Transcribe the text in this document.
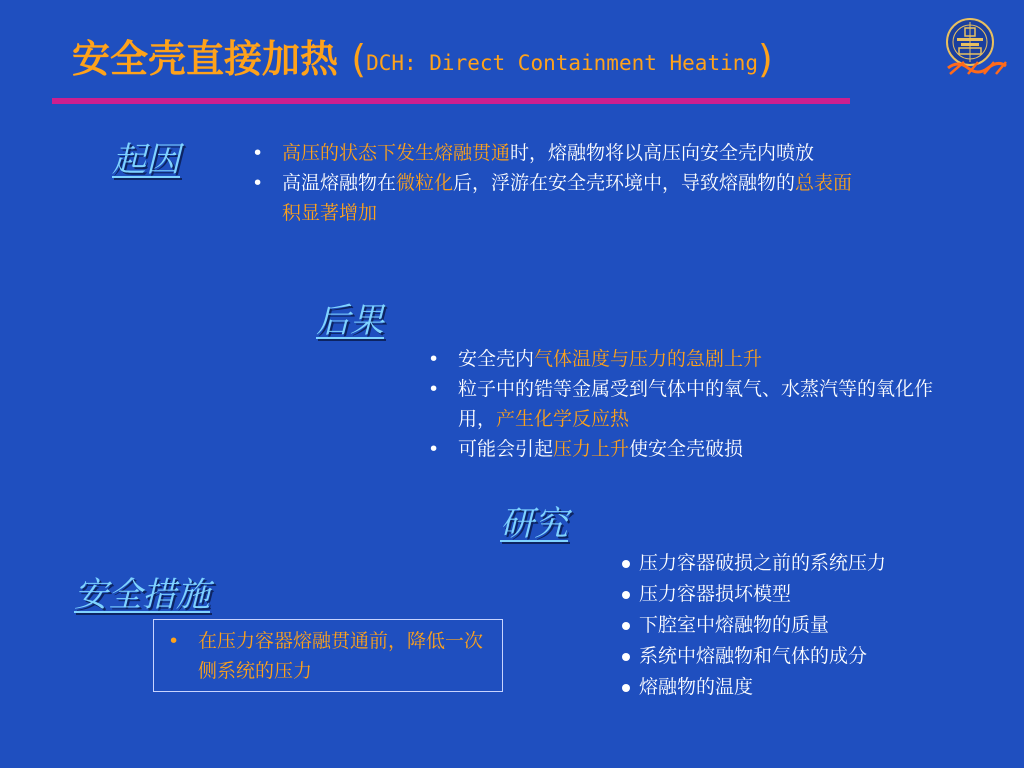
安全壳直接加热 (DCH: Direct Containment Heating)
起因
•	高压的状态下发生熔融贯通时，熔融物将以高压向安全壳内喷放
• 高温熔融物在微粒化后，浮游在安全壳环境中，导致熔融物的总表面积显著增加
后果
• 安全壳内气体温度与压力的急剧上升
• 粒子中的锆等金属受到气体中的氧气、水蒸汽等的氧化作用，产生化学反应热
• 可能会引起压力上升使安全壳破损
研究
压力容器破损之前的系统压力
压力容器损坏模型
下腔室中熔融物的质量
系统中熔融物和气体的成分
熔融物的温度
安全措施
• 在压力容器熔融贯通前，降低一次侧系统的压力
